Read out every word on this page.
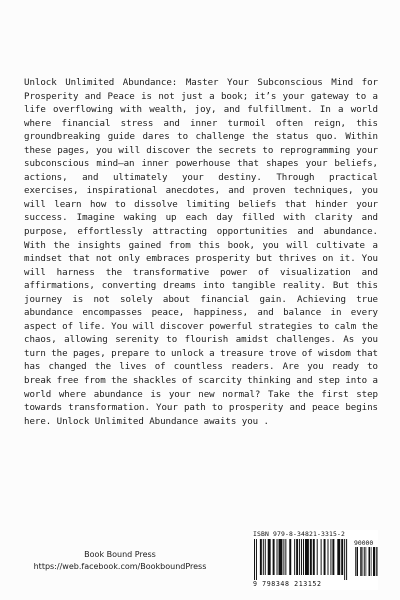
Unlock Unlimited Abundance: Master Your Subconscious Mind for Prosperity and Peace is not just a book; it’s your gateway to a life overflowing with wealth, joy, and fulfillment. In a world where financial stress and inner turmoil often reign, this groundbreaking guide dares to challenge the status quo. Within these pages, you will discover the secrets to reprogramming your subconscious mind—an inner powerhouse that shapes your beliefs, actions, and ultimately your destiny. Through practical exercises, inspirational anecdotes, and proven techniques, you will learn how to dissolve limiting beliefs that hinder your success. Imagine waking up each day filled with clarity and purpose, effortlessly attracting opportunities and abundance. With the insights gained from this book, you will cultivate a mindset that not only embraces prosperity but thrives on it. You will harness the transformative power of visualization and affirmations, converting dreams into tangible reality. But this journey is not solely about financial gain. Achieving true abundance encompasses peace, happiness, and balance in every aspect of life. You will discover powerful strategies to calm the chaos, allowing serenity to flourish amidst challenges. As you turn the pages, prepare to unlock a treasure trove of wisdom that has changed the lives of countless readers. Are you ready to break free from the shackles of scarcity thinking and step into a world where abundance is your new normal? Take the first step towards transformation. Your path to prosperity and peace begins here. Unlock Unlimited Abundance awaits you .

Book Bound Press
https://web.facebook.com/BookboundPress
ISBN 979-8-34821-3315-2
90000
9 798348 213152
